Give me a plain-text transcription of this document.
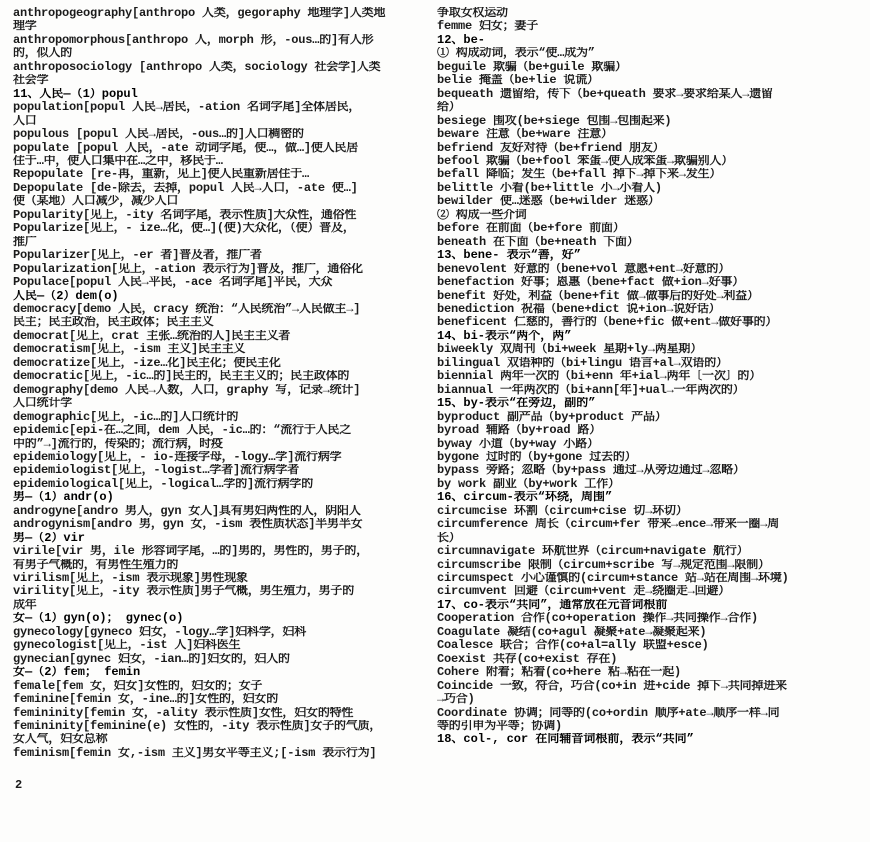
anthropogeography[anthropo 人类，gegoraphy 地理学]人类地
理学
anthropomorphous[anthropo 人，morph 形，-ous…的]有人形
的，似人的
anthroposociology [anthropo 人类，sociology 社会学]人类
社会学
11、人民—（1）popul
population[popul 人民→居民，-ation 名词字尾]全体居民，
人口
populous [popul 人民→居民，-ous…的]人口稠密的
populate [popul 人民，-ate 动词字尾，使…，做…]使人民居
住于…中，使人口集中在…之中，移民于…
Repopulate [re-再，重新，见上]使人民重新居住于…
Depopulate [de-除去，去掉，popul 人民→人口，-ate 使…]
使（某地）人口减少，减少人口
Popularity[见上，-ity 名词字尾，表示性质]大众性，通俗性
Popularize[见上，- ize…化，使…](使)大众化，（使）普及，
推广
Popularizer[见上，-er 者]普及者，推广者
Popularization[见上，-ation 表示行为]普及，推广，通俗化
Populace[popul 人民→平民，-ace 名词字尾]平民，大众
人民—（2）dem(o)
democracy[demo 人民，cracy 统治：“人民统治”→人民做主→]
民主；民主政治，民主政体；民主主义
democrat[见上，crat 主张…统治的人]民主主义者
democratism[见上，-ism 主义]民主主义
democratize[见上，-ize…化]民主化；使民主化
democratic[见上，-ic…的]民主的，民主主义的；民主政体的
demography[demo 人民→人数，人口，graphy 写，记录→统计]
人口统计学
demographic[见上，-ic…的]人口统计的
epidemic[epi-在…之间，dem 人民，-ic…的：“流行于人民之
中的”→]流行的，传染的；流行病，时疫
epidemiology[见上，- io-连接字母，-logy…学]流行病学
epidemiologist[见上，-logist…学者]流行病学者
epidemiological[见上，-logical…学的]流行病学的
男—（1）andr(o)
androgyne[andro 男人，gyn 女人]具有男妇两性的人，阴阳人
androgynism[andro 男，gyn 女，-ism 表性质状态]半男半女
男—（2）vir
virile[vir 男，ile 形容词字尾，…的]男的，男性的，男子的，
有男子气概的，有男性生殖力的
virilism[见上，-ism 表示现象]男性现象
virility[见上，-ity 表示性质]男子气概，男生殖力，男子的
成年
女—（1）gyn(o)； gynec(o)
gynecology[gyneco 妇女，-logy…学]妇科学，妇科
gynecologist[见上，-ist 人]妇科医生
gynecian[gynec 妇女，-ian…的]妇女的，妇人的
女—（2）fem； femin
female[fem 女，妇女]女性的，妇女的；女子
feminine[femin 女，-ine…的]女性的，妇女的
femininity[femin 女，-ality 表示性质]女性，妇女的特性
femininity[feminine(e) 女性的，-ity 表示性质]女子的气质，
女人气，妇女总称
feminism[femin 女,-ism 主义]男女平等主义;[-ism 表示行为]
争取女权运动
femme 妇女；妻子
12、be-
① 构成动词，表示“使…成为”
beguile 欺骗（be+guile 欺骗）
belie 掩盖（be+lie 说谎）
bequeath 遗留给，传下（be+queath 要求→要求给某人→遗留
给）
besiege 围攻(be+siege 包围→包围起来)
beware 注意（be+ware 注意）
befriend 友好对待（be+friend 朋友）
befool 欺骗（be+fool 笨蛋→使人成笨蛋→欺骗别人）
befall 降临；发生（be+fall 掉下→掉下来→发生）
belittle 小看(be+little 小→小看人)
bewilder 使…迷惑（be+wilder 迷惑）
② 构成一些介词
before 在前面（be+fore 前面）
beneath 在下面（be+neath 下面）
13、bene- 表示“善，好”
benevolent 好意的（bene+vol 意愿+ent→好意的）
benefaction 好事；恩惠（bene+fact 做+ion→好事）
benefit 好处，利益（bene+fit 做→做事后的好处→利益）
benediction 祝福（bene+dict 说+ion→说好话）
beneficent 仁慈的，善行的（bene+fic 做+ent→做好事的）
14、bi-表示“两个，两”
biweekly 双周刊（bi+week 星期+ly→两星期）
bilingual 双语种的（bi+lingu 语言+al→双语的）
biennial 两年一次的（bi+enn 年+ial→两年〔一次〕的）
biannual 一年两次的（bi+ann[年]+ual→一年两次的）
15、by-表示“在旁边，副的”
byproduct 副产品（by+product 产品）
byroad 辅路（by+road 路）
byway 小道（by+way 小路）
bygone 过时的（by+gone 过去的）
bypass 旁路；忽略（by+pass 通过→从旁边通过→忽略）
by work 副业（by+work 工作）
16、circum-表示“环绕，周围”
circumcise 环割（circum+cise 切→环切）
circumference 周长（circum+fer 带来→ence→带来一圈→周
长）
circumnavigate 环航世界（circum+navigate 航行）
circumscribe 限制（circum+scribe 写→规定范围→限制）
circumspect 小心谨慎的(circum+stance 站→站在周围→环境)
circumvent 回避（circum+vent 走→绕圈走→回避）
17、co-表示“共同”，通常放在元音词根前
Cooperation 合作(co+operation 操作→共同操作→合作)
Coagulate 凝结(co+agul 凝聚+ate→凝聚起来)
Coalesce 联合；合作(co+al=ally 联盟+esce)
Coexist 共存(co+exist 存在)
Cohere 附着；粘着(co+here 粘→粘在一起)
Coincide 一致，符合，巧合(co+in 进+cide 掉下→共同掉进来
→巧合)
Coordinate 协调；同等的(co+ordin 顺序+ate→顺序一样→同
等的引申为平等；协调)
18、col-, cor 在同辅音词根前，表示“共同”
2
